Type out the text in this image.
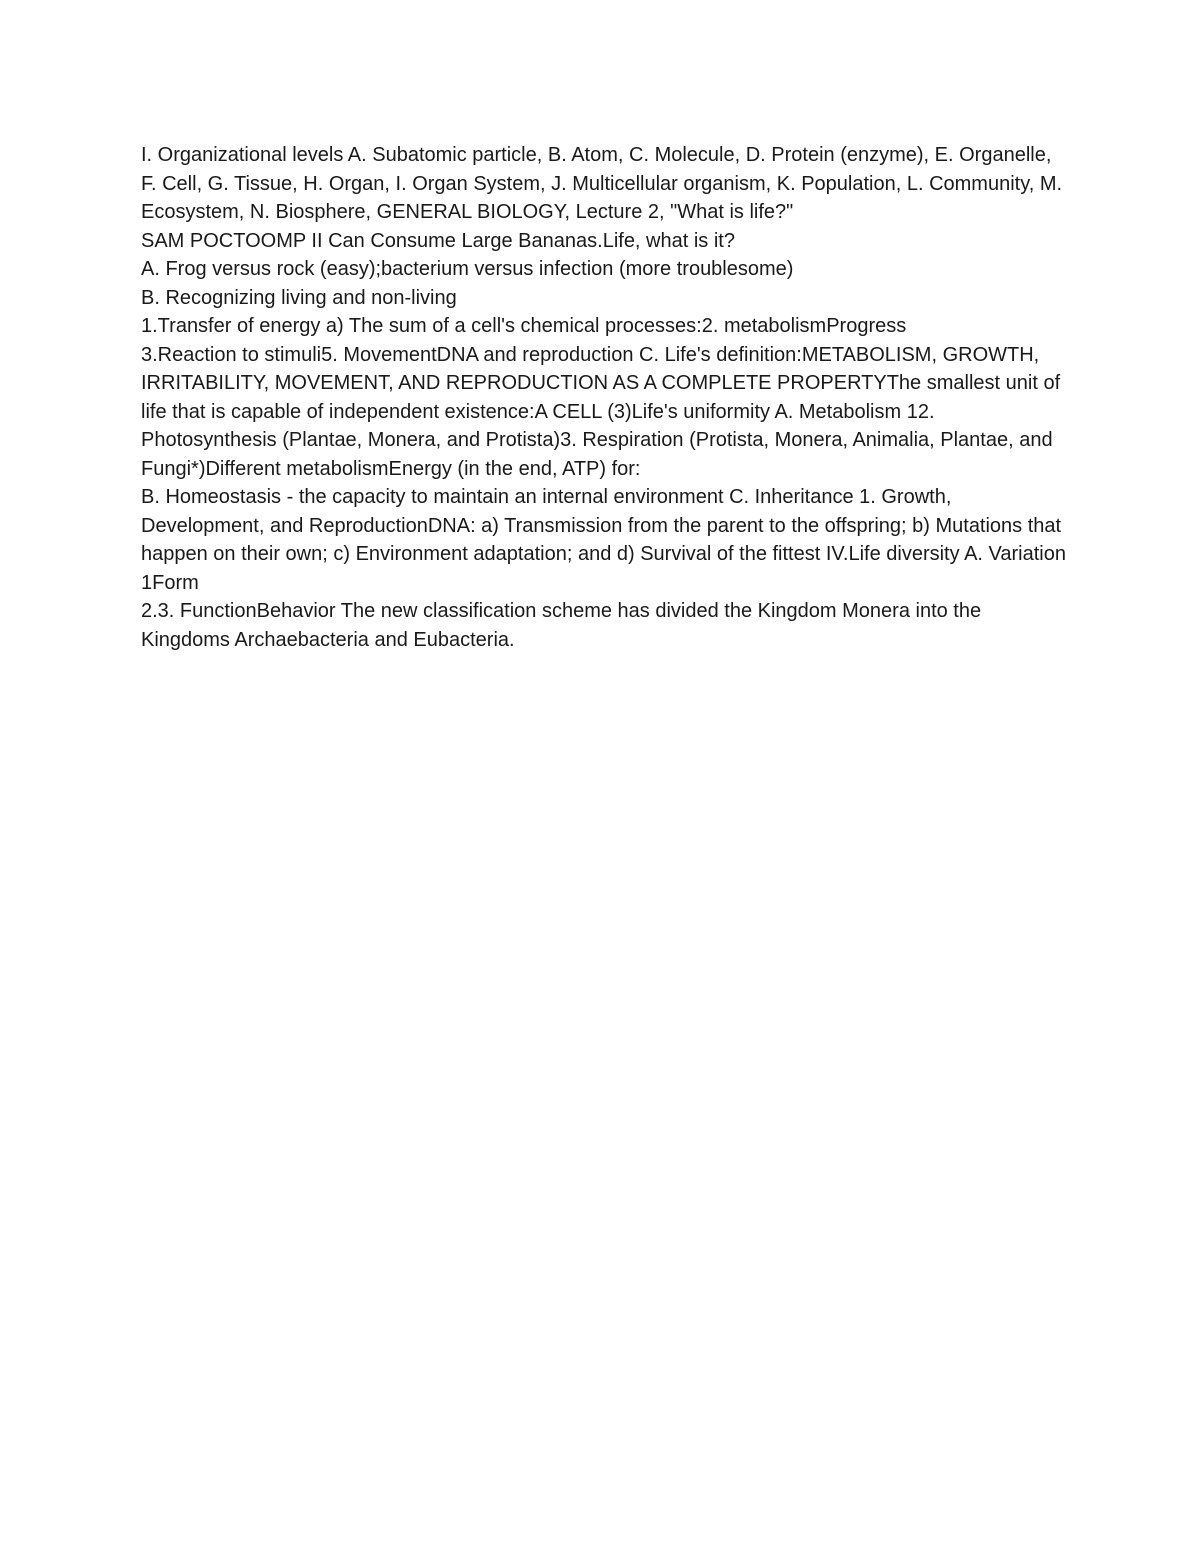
I. Organizational levels A. Subatomic particle, B. Atom, C. Molecule, D. Protein (enzyme), E. Organelle, F. Cell, G. Tissue, H. Organ, I. Organ System, J. Multicellular organism, K. Population, L. Community, M. Ecosystem, N. Biosphere, GENERAL BIOLOGY, Lecture 2, "What is life?"

SAM POCTOOMP II Can Consume Large Bananas.Life, what is it?

A. Frog versus rock (easy);bacterium versus infection (more troublesome)

B. Recognizing living and non-living

1.Transfer of energy a) The sum of a cell's chemical processes:2. metabolismProgress

3.Reaction to stimuli5. MovementDNA and reproduction C. Life's definition:METABOLISM, GROWTH, IRRITABILITY, MOVEMENT, AND REPRODUCTION AS A COMPLETE PROPERTYThe smallest unit of life that is capable of independent existence:A CELL (3)Life's uniformity A. Metabolism 12. Photosynthesis (Plantae, Monera, and Protista)3. Respiration (Protista, Monera, Animalia, Plantae, and Fungi*)Different metabolismEnergy (in the end, ATP) for:

B. Homeostasis - the capacity to maintain an internal environment C. Inheritance 1. Growth, Development, and ReproductionDNA: a) Transmission from the parent to the offspring; b) Mutations that happen on their own; c) Environment adaptation; and d) Survival of the fittest IV.Life diversity A. Variation 1Form

2.3. FunctionBehavior The new classification scheme has divided the Kingdom Monera into the Kingdoms Archaebacteria and Eubacteria.
